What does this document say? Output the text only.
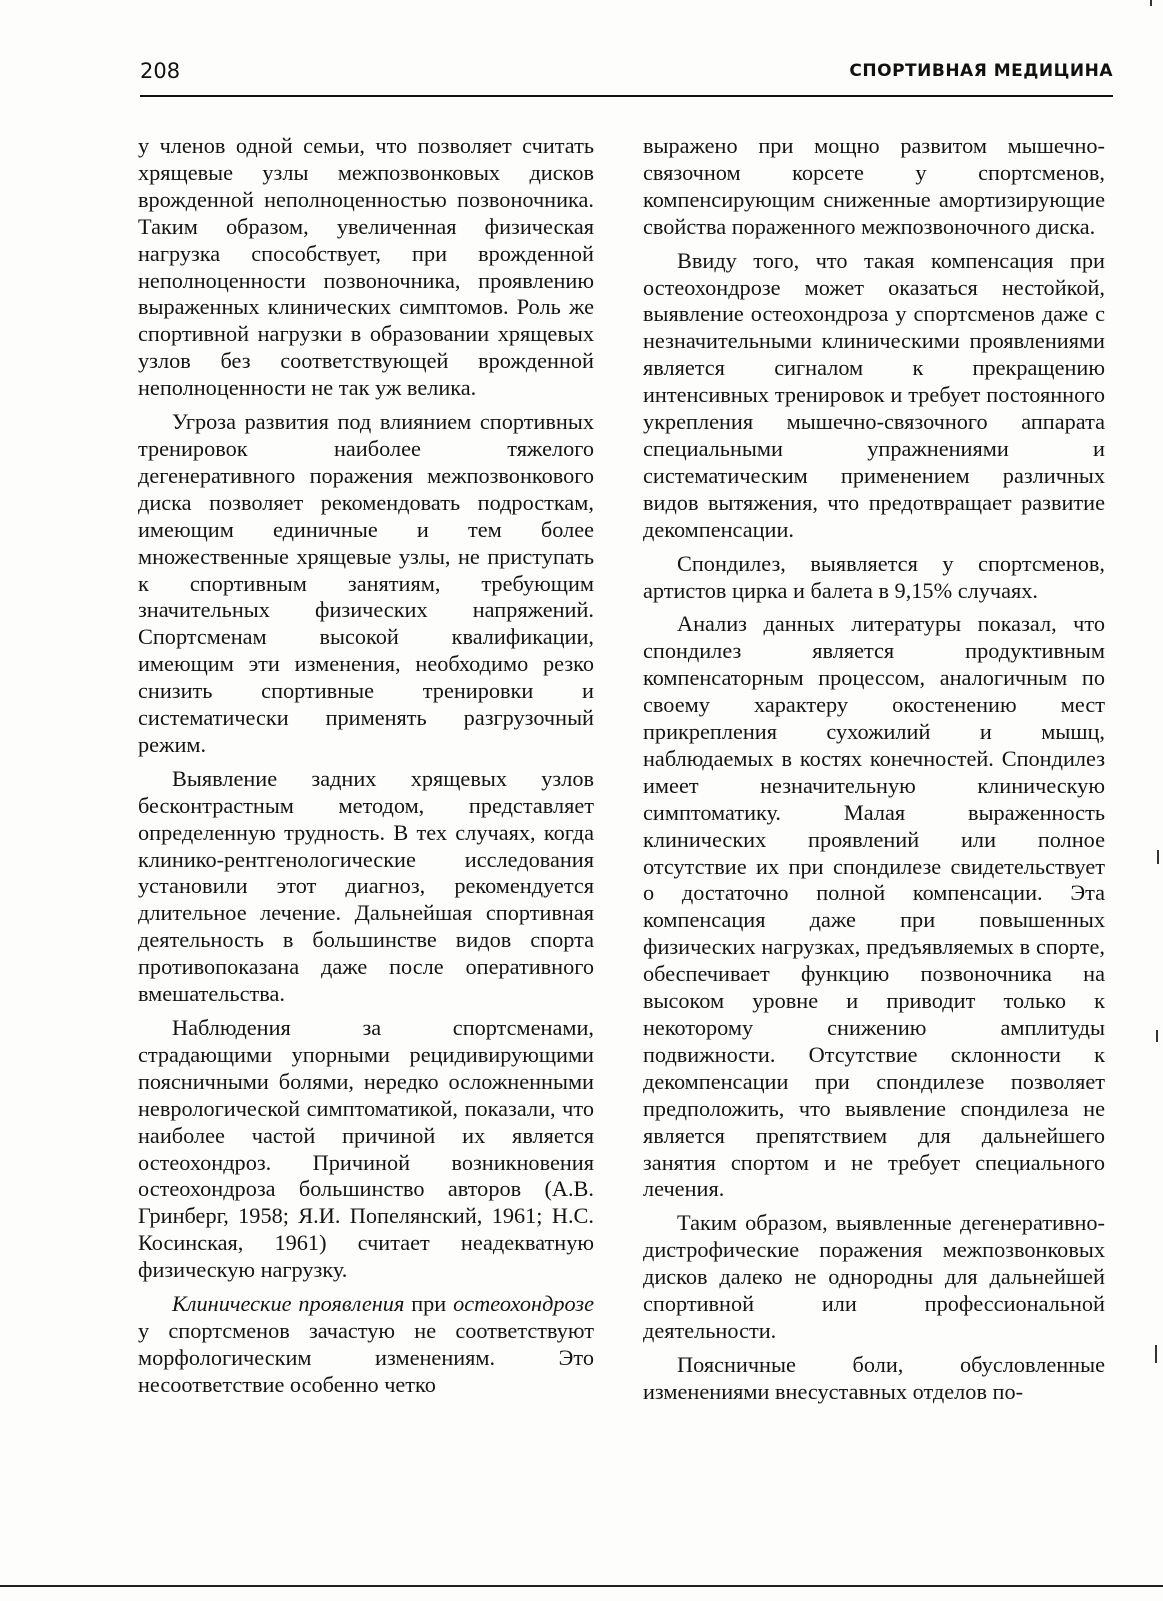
208	СПОРТИВНАЯ МЕДИЦИНА

у членов одной семьи, что позволяет считать хрящевые узлы межпозвонковых дисков врожденной неполноценностью позвоночника. Таким образом, увеличенная физическая нагрузка способствует, при врожденной неполноценности позвоночника, проявлению выраженных клинических симптомов. Роль же спортивной нагрузки в образовании хрящевых узлов без соответствующей врожденной неполноценности не так уж велика.

Угроза развития под влиянием спортивных тренировок наиболее тяжелого дегенеративного поражения межпозвонкового диска позволяет рекомендовать подросткам, имеющим единичные и тем более множественные хрящевые узлы, не приступать к спортивным занятиям, требующим значительных физических напряжений. Спортсменам высокой квалификации, имеющим эти изменения, необходимо резко снизить спортивные тренировки и систематически применять разгрузочный режим.

Выявление задних хрящевых узлов бесконтрастным методом, представляет определенную трудность. В тех случаях, когда клинико-рентгенологические исследования установили этот диагноз, рекомендуется длительное лечение. Дальнейшая спортивная деятельность в большинстве видов спорта противопоказана даже после оперативного вмешательства.

Наблюдения за спортсменами, страдающими упорными рецидивирующими поясничными болями, нередко осложненными неврологической симптоматикой, показали, что наиболее частой причиной их является остеохондроз. Причиной возникновения остеохондроза большинство авторов (А.В. Гринберг, 1958; Я.И. Попелянский, 1961; Н.С. Косинская, 1961) считает неадекватную физическую нагрузку.

Клинические проявления при остеохондрозе у спортсменов зачастую не соответствуют морфологическим изменениям. Это несоответствие особенно четко

выражено при мощно развитом мышечно-связочном корсете у спортсменов, компенсирующим сниженные амортизирующие свойства пораженного межпозвоночного диска.

Ввиду того, что такая компенсация при остеохондрозе может оказаться нестойкой, выявление остеохондроза у спортсменов даже с незначительными клиническими проявлениями является сигналом к прекращению интенсивных тренировок и требует постоянного укрепления мышечно-связочного аппарата специальными упражнениями и систематическим применением различных видов вытяжения, что предотвращает развитие декомпенсации.

Спондилез, выявляется у спортсменов, артистов цирка и балета в 9,15% случаях.

Анализ данных литературы показал, что спондилез является продуктивным компенсаторным процессом, аналогичным по своему характеру окостенению мест прикрепления сухожилий и мышц, наблюдаемых в костях конечностей. Спондилез имеет незначительную клиническую симптоматику. Малая выраженность клинических проявлений или полное отсутствие их при спондилезе свидетельствует о достаточно полной компенсации. Эта компенсация даже при повышенных физических нагрузках, предъявляемых в спорте, обеспечивает функцию позвоночника на высоком уровне и приводит только к некоторому снижению амплитуды подвижности. Отсутствие склонности к декомпенсации при спондилезе позволяет предположить, что выявление спондилеза не является препятствием для дальнейшего занятия спортом и не требует специального лечения.

Таким образом, выявленные дегенеративно-дистрофические поражения межпозвонковых дисков далеко не однородны для дальнейшей спортивной или профессиональной деятельности.

Поясничные боли, обусловленные изменениями внесуставных отделов по-
